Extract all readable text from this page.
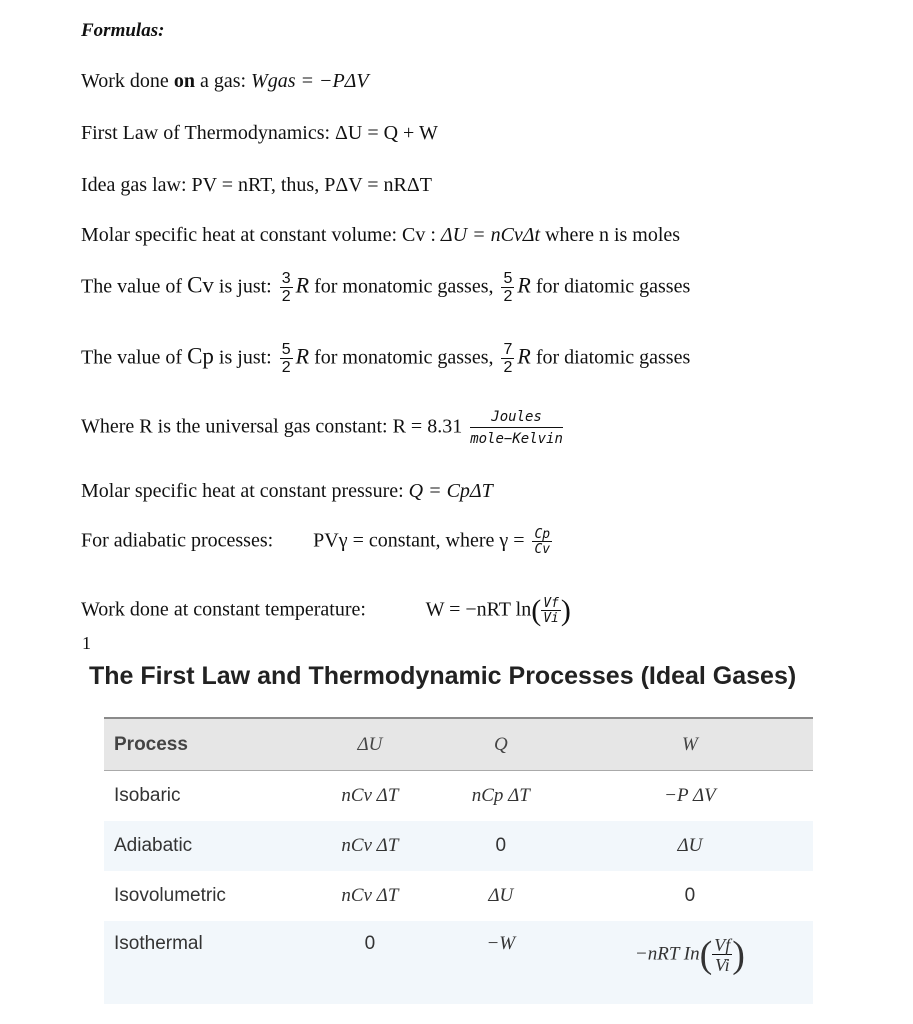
Formulas:
Work done on a gas: Wgas = −PΔV
First Law of Thermodynamics: ΔU = Q + W
Idea gas law: PV = nRT, thus, PΔV = nRΔT
Molar specific heat at constant volume: Cv : ΔU = nCvΔt where n is moles
The value of Cv is just: $\frac{3}{2}$ R for monatomic gasses, $\frac{5}{2}$ R for diatomic gasses
The value of Cp is just: $\frac{5}{2}$ R for monatomic gasses, $\frac{7}{2}$ R for diatomic gasses
Where R is the universal gas constant: $R = 8.31 \frac{\text{Joules}}{\text{mole−Kelvin}}$
Molar specific heat at constant pressure: Q = CpΔT
For adiabatic processes: PVγ = constant, where $\gamma = \frac{Cp}{Cv}$
Work done at constant temperature:	W = −nRT $\ln( \frac{Vf}{Vi}$ )
1
The First Law and Thermodynamic Processes (Ideal Gases)
Process	ΔU	Q	W
Isobaric	nCv ΔT	nCp ΔT	−P ΔV
Adiabatic	nCv ΔT	0	ΔU
Isovolumetric	nCv ΔT	ΔU	0
Isothermal	0	−W	−nRT $In( \frac{Vf}{Vi}$ )
